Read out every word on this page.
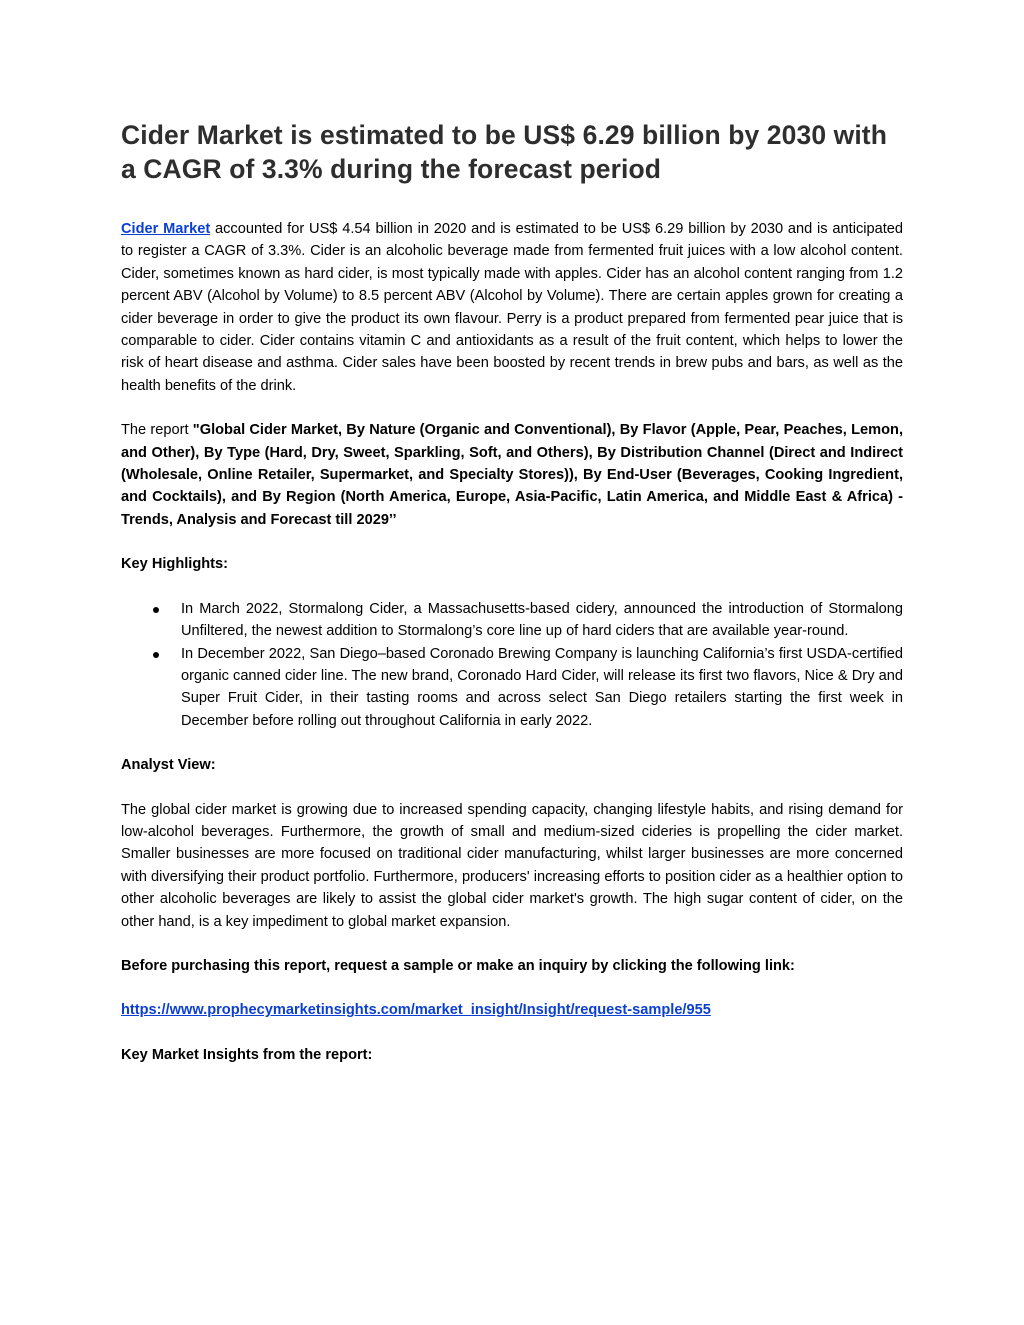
Cider Market is estimated to be US$ 6.29 billion by 2030 with a CAGR of 3.3% during the forecast period

Cider Market accounted for US$ 4.54 billion in 2020 and is estimated to be US$ 6.29 billion by 2030 and is anticipated to register a CAGR of 3.3%. Cider is an alcoholic beverage made from fermented fruit juices with a low alcohol content. Cider, sometimes known as hard cider, is most typically made with apples. Cider has an alcohol content ranging from 1.2 percent ABV (Alcohol by Volume) to 8.5 percent ABV (Alcohol by Volume). There are certain apples grown for creating a cider beverage in order to give the product its own flavour. Perry is a product prepared from fermented pear juice that is comparable to cider. Cider contains vitamin C and antioxidants as a result of the fruit content, which helps to lower the risk of heart disease and asthma. Cider sales have been boosted by recent trends in brew pubs and bars, as well as the health benefits of the drink.

The report "Global Cider Market, By Nature (Organic and Conventional), By Flavor (Apple, Pear, Peaches, Lemon, and Other), By Type (Hard, Dry, Sweet, Sparkling, Soft, and Others), By Distribution Channel (Direct and Indirect (Wholesale, Online Retailer, Supermarket, and Specialty Stores)), By End-User (Beverages, Cooking Ingredient, and Cocktails), and By Region (North America, Europe, Asia-Pacific, Latin America, and Middle East & Africa) - Trends, Analysis and Forecast till 2029’’

Key Highlights:

In March 2022, Stormalong Cider, a Massachusetts-based cidery, announced the introduction of Stormalong Unfiltered, the newest addition to Stormalong’s core line up of hard ciders that are available year-round.
In December 2022, San Diego–based Coronado Brewing Company is launching California’s first USDA-certified organic canned cider line. The new brand, Coronado Hard Cider, will release its first two flavors, Nice & Dry and Super Fruit Cider, in their tasting rooms and across select San Diego retailers starting the first week in December before rolling out throughout California in early 2022.

Analyst View:

The global cider market is growing due to increased spending capacity, changing lifestyle habits, and rising demand for low-alcohol beverages. Furthermore, the growth of small and medium-sized cideries is propelling the cider market. Smaller businesses are more focused on traditional cider manufacturing, whilst larger businesses are more concerned with diversifying their product portfolio. Furthermore, producers' increasing efforts to position cider as a healthier option to other alcoholic beverages are likely to assist the global cider market's growth. The high sugar content of cider, on the other hand, is a key impediment to global market expansion.

Before purchasing this report, request a sample or make an inquiry by clicking the following link:

https://www.prophecymarketinsights.com/market_insight/Insight/request-sample/955

Key Market Insights from the report:
